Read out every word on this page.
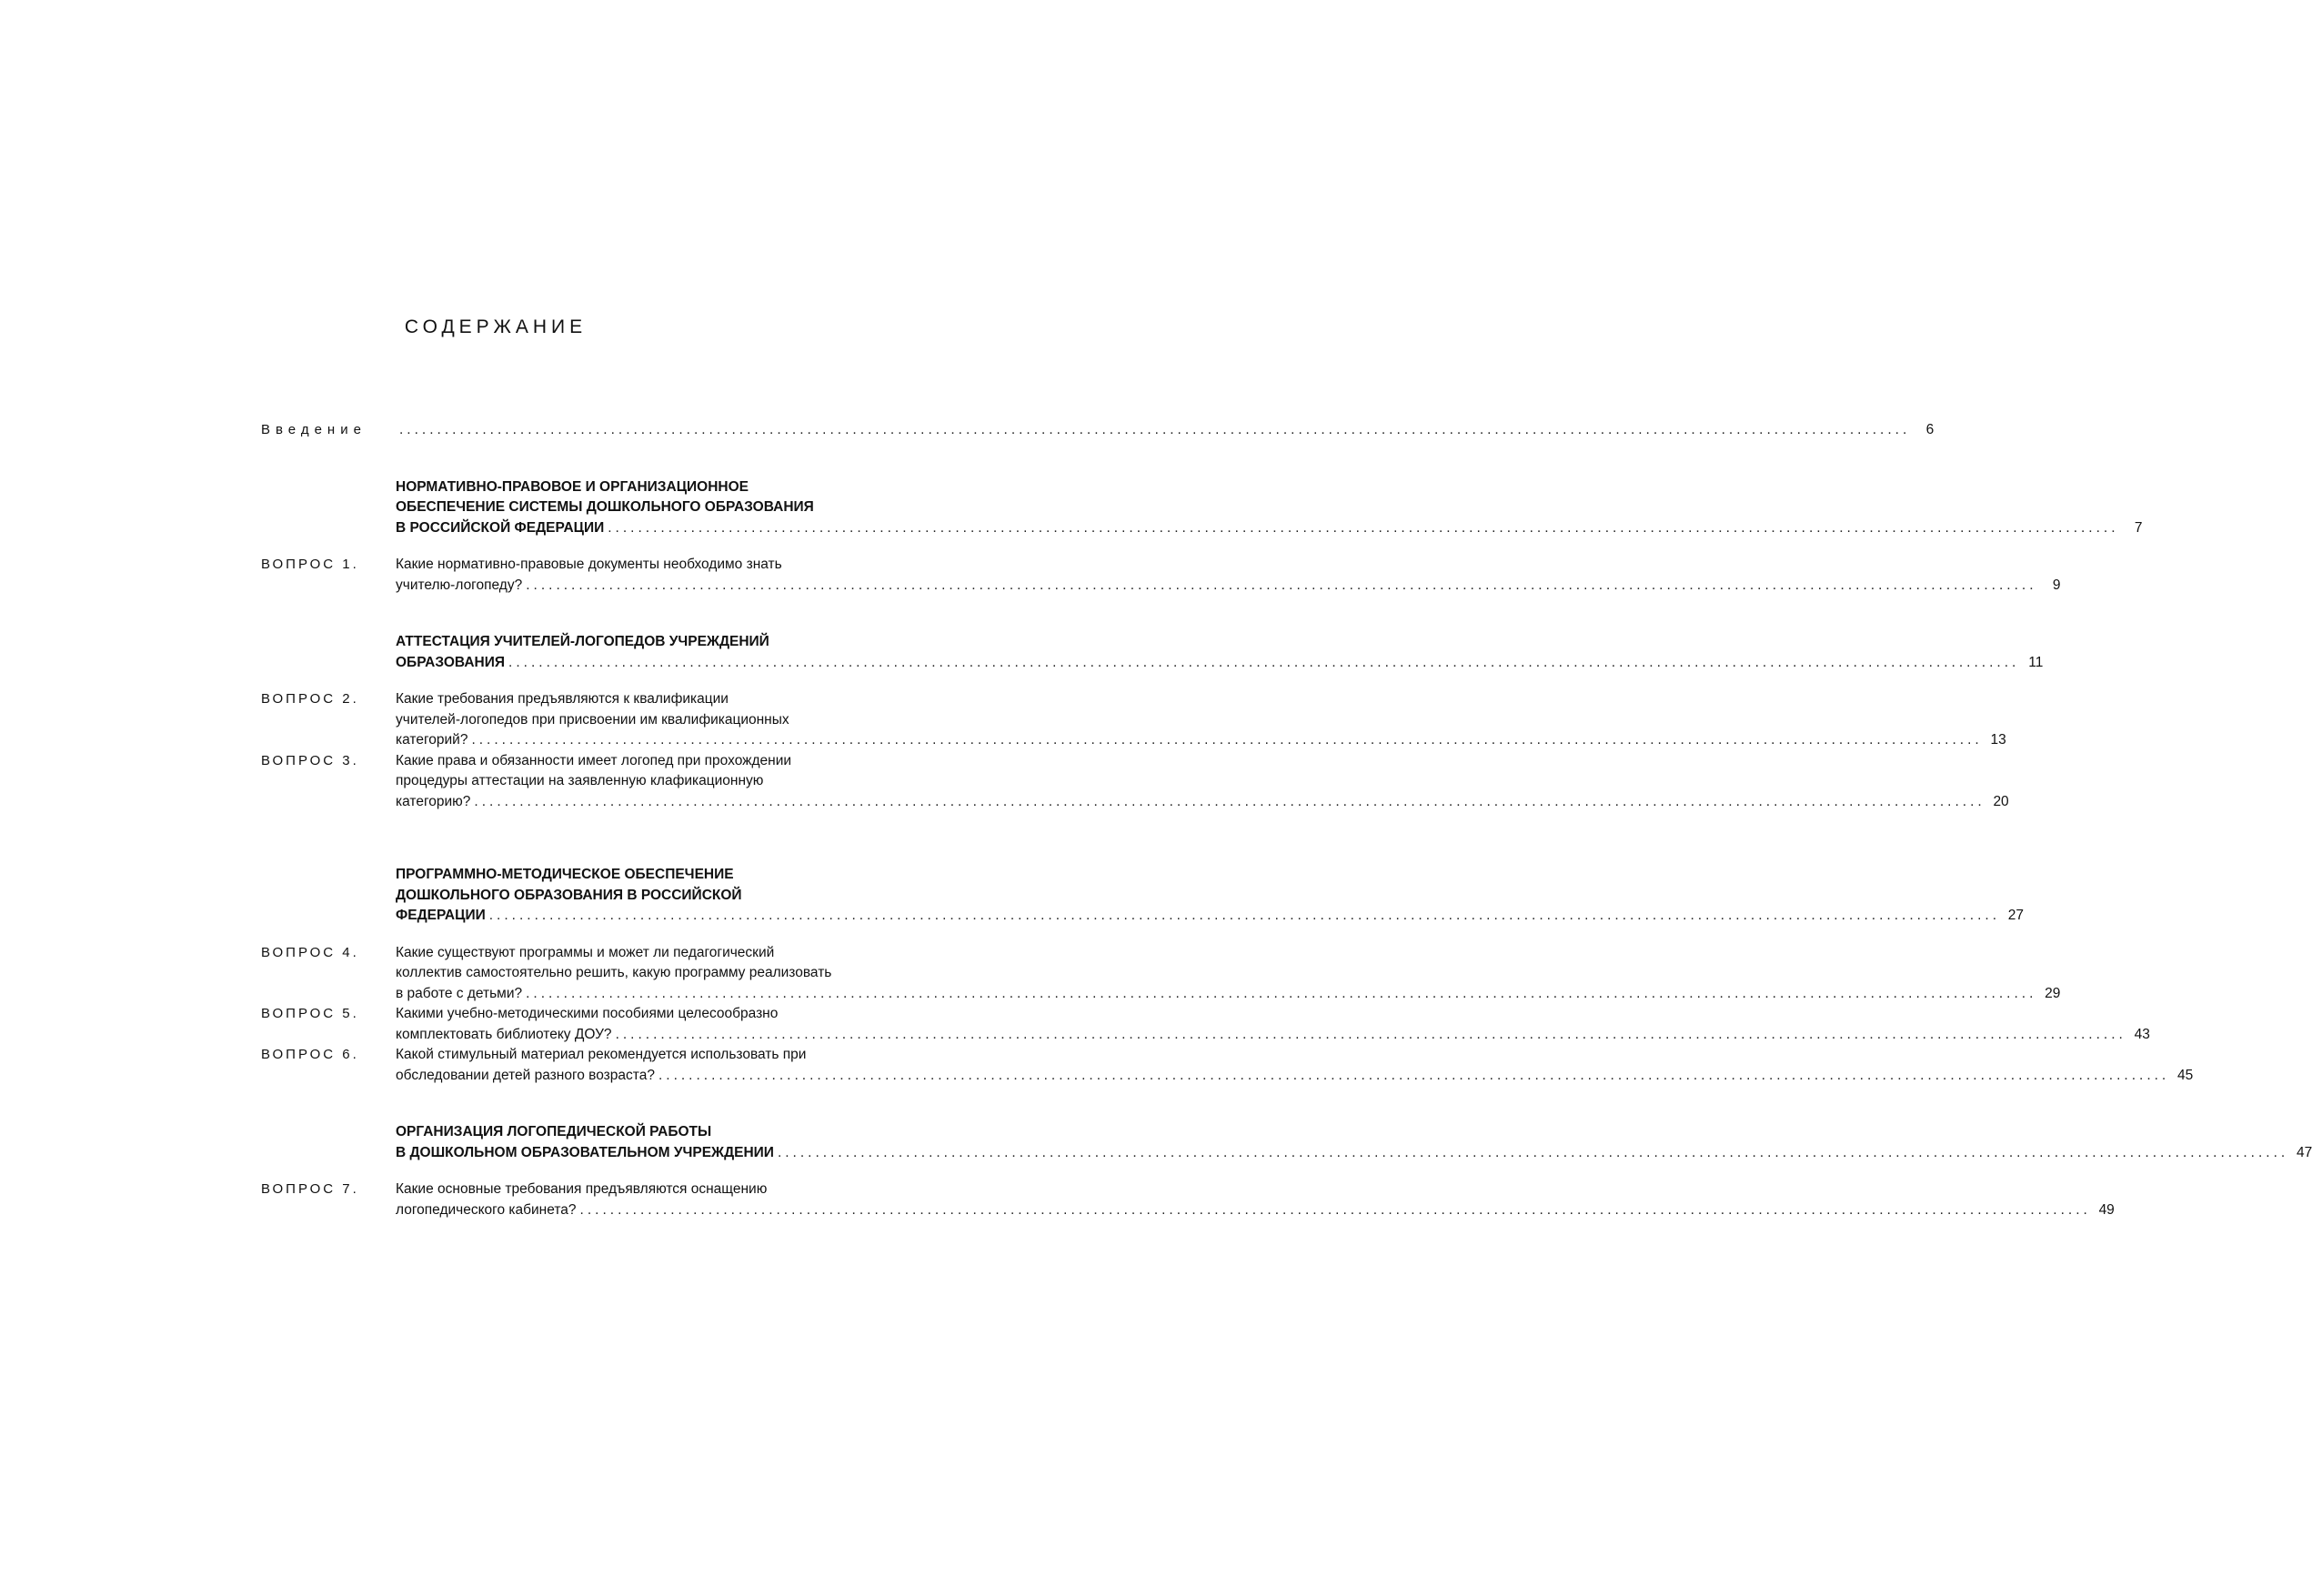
СОДЕРЖАНИЕ
Введение	........................................................................................................................................................................................................	6
НОРМАТИВНО-ПРАВОВОЕ И ОРГАНИЗАЦИОННОЕ
ОБЕСПЕЧЕНИЕ СИСТЕМЫ ДОШКОЛЬНОГО ОБРАЗОВАНИЯ
В РОССИЙСКОЙ ФЕДЕРАЦИИ ........................................................................................................................................................................................................	7
ВОПРОС 1.	Какие нормативно-правовые документы необходимо знать
учителю-логопеду? ........................................................................................................................................................................................................	9
АТТЕСТАЦИЯ УЧИТЕЛЕЙ-ЛОГОПЕДОВ УЧРЕЖДЕНИЙ
ОБРАЗОВАНИЯ ........................................................................................................................................................................................................ 11
ВОПРОС 2.	Какие требования предъявляются к квалификации
учителей-логопедов при присвоении им квалификационных
категорий? ........................................................................................................................................................................................................ 13
ВОПРОС 3.	Какие права и обязанности имеет логопед при прохождении
процедуры аттестации на заявленную клафикационную
категорию? ........................................................................................................................................................................................................ 20
ПРОГРАММНО-МЕТОДИЧЕСКОЕ ОБЕСПЕЧЕНИЕ
ДОШКОЛЬНОГО ОБРАЗОВАНИЯ В РОССИЙСКОЙ
ФЕДЕРАЦИИ ........................................................................................................................................................................................................ 27
ВОПРОС 4.	Какие существуют программы и может ли педагогический
коллектив самостоятельно решить, какую программу реализовать
в работе с детьми? ........................................................................................................................................................................................................ 29
ВОПРОС 5.	Какими учебно-методическими пособиями целесообразно
комплектовать библиотеку ДОУ? ........................................................................................................................................................................................................ 43
ВОПРОС 6.	Какой стимульный материал рекомендуется использовать при
обследовании детей разного возраста? ........................................................................................................................................................................................................ 45
ОРГАНИЗАЦИЯ ЛОГОПЕДИЧЕСКОЙ РАБОТЫ
В ДОШКОЛЬНОМ ОБРАЗОВАТЕЛЬНОМ УЧРЕЖДЕНИИ ........................................................................................................................................................................................................ 47
ВОПРОС 7.	Какие основные требования предъявляются оснащению
логопедического кабинета? ........................................................................................................................................................................................................ 49
